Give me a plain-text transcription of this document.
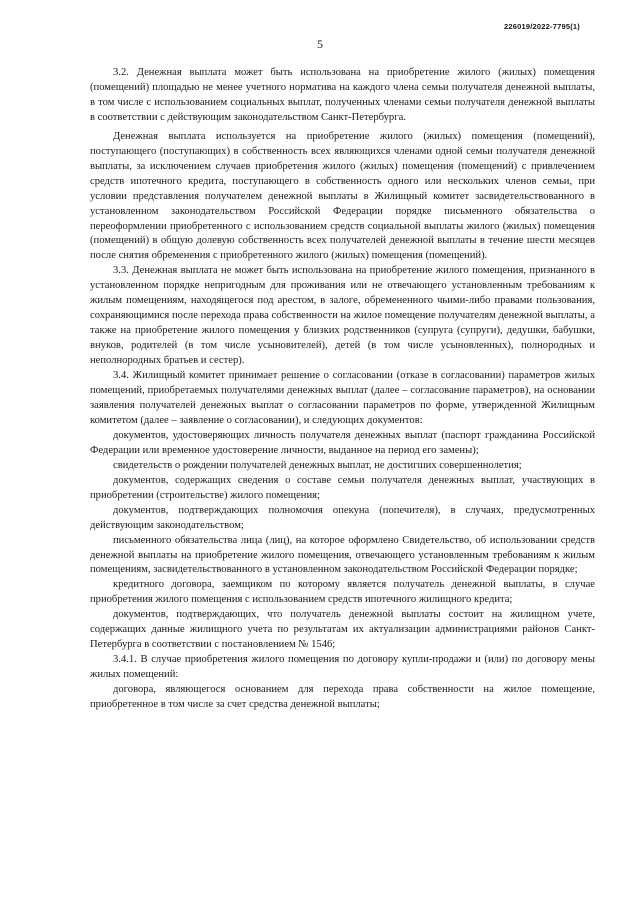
226019/2022-7795(1)
5

3.2. Денежная выплата может быть использована на приобретение жилого (жилых) помещения (помещений) площадью не менее учетного норматива на каждого члена семьи получателя денежной выплаты, в том числе с использованием социальных выплат, полученных членами семьи получателя денежной выплаты в соответствии с действующим законодательством Санкт-Петербурга.

Денежная выплата используется на приобретение жилого (жилых) помещения (помещений), поступающего (поступающих) в собственность всех являющихся членами одной семьи получателя денежной выплаты, за исключением случаев приобретения жилого (жилых) помещения (помещений) с привлечением средств ипотечного кредита, поступающего в собственность одного или нескольких членов семьи, при условии представления получателем денежной выплаты в Жилищный комитет засвидетельствованного в установленном законодательством Российской Федерации порядке письменного обязательства о переоформлении приобретенного с использованием средств социальной выплаты жилого (жилых) помещения (помещений) в общую долевую собственность всех получателей денежной выплаты в течение шести месяцев после снятия обременения с приобретенного жилого (жилых) помещения (помещений).

3.3. Денежная выплата не может быть использована на приобретение жилого помещения, признанного в установленном порядке непригодным для проживания или не отвечающего установленным требованиям к жилым помещениям, находящегося под арестом, в залоге, обремененного чьими-либо правами пользования, сохраняющимися после перехода права собственности на жилое помещение получателям денежной выплаты, а также на приобретение жилого помещения у близких родственников (супруга (супруги), дедушки, бабушки, внуков, родителей (в том числе усыновителей), детей (в том числе усыновленных), полнородных и неполнородных братьев и сестер).

3.4. Жилищный комитет принимает решение о согласовании (отказе в согласовании) параметров жилых помещений, приобретаемых получателями денежных выплат (далее – согласование параметров), на основании заявления получателей денежных выплат о согласовании параметров по форме, утвержденной Жилищным комитетом (далее – заявление о согласовании), и следующих документов:

документов, удостоверяющих личность получателя денежных выплат (паспорт гражданина Российской Федерации или временное удостоверение личности, выданное на период его замены);

свидетельств о рождении получателей денежных выплат, не достигших совершеннолетия;

документов, содержащих сведения о составе семьи получателя денежных выплат, участвующих в приобретении (строительстве) жилого помещения;

документов, подтверждающих полномочия опекуна (попечителя), в случаях, предусмотренных действующим законодательством;

письменного обязательства лица (лиц), на которое оформлено Свидетельство, об использовании средств денежной выплаты на приобретение жилого помещения, отвечающего установленным требованиям к жилым помещениям, засвидетельствованного в установленном законодательством Российской Федерации порядке;

кредитного договора, заемщиком по которому является получатель денежной выплаты, в случае приобретения жилого помещения с использованием средств ипотечного жилищного кредита;

документов, подтверждающих, что получатель денежной выплаты состоит на жилищном учете, содержащих данные жилищного учета по результатам их актуализации администрациями районов Санкт-Петербурга в соответствии с постановлением № 1546;

3.4.1. В случае приобретения жилого помещения по договору купли-продажи и (или) по договору мены жилых помещений:

договора, являющегося основанием для перехода права собственности на жилое помещение, приобретенное в том числе за счет средства денежной выплаты;
